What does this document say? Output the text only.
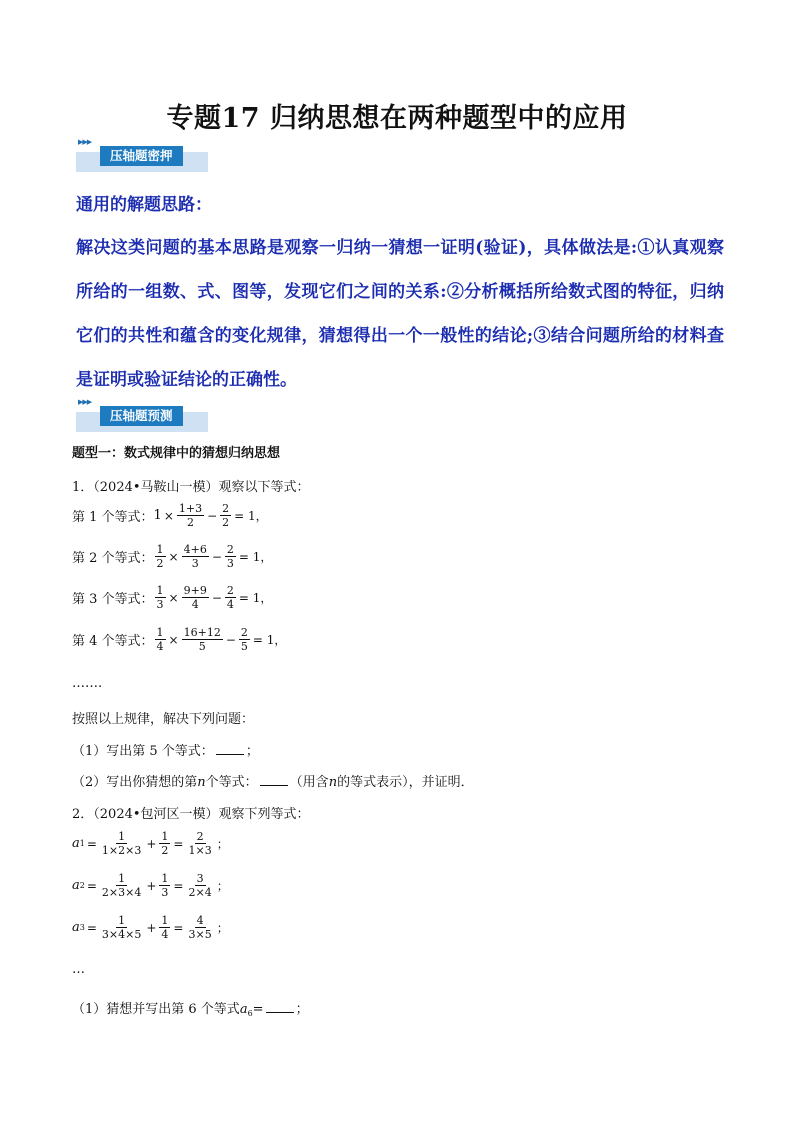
专题17 归纳思想在两种题型中的应用
▶▶▶
压轴题密押
通用的解题思路：
解决这类问题的基本思路是观察一归纳一猜想一证明(验证)，具体做法是:①认真观察所给的一组数、式、图等，发现它们之间的关系:②分析概括所给数式图的特征，归纳它们的共性和蕴含的变化规律，猜想得出一个一般性的结论;③结合问题所给的材料查是证明或验证结论的正确性。
▶▶▶
压轴题预测
题型一：数式规律中的猜想归纳思想
1．（2024•马鞍山一模）观察以下等式：
第 1 个等式： $1 \times \frac{1+3}{2} - \frac{2}{2} = 1$，
第 2 个等式： $\frac{1}{2} \times \frac{4+6}{3} - \frac{2}{3} = 1$，
第 3 个等式： $\frac{1}{3} \times \frac{9+9}{4} - \frac{2}{4} = 1$，
第 4 个等式： $\frac{1}{4} \times \frac{16+12}{5} - \frac{2}{5} = 1$，
…….
按照以上规律，解决下列问题：
（1）写出第 5 个等式： ；
（2）写出你猜想的第n个等式： （用含n的等式表示），并证明．
2．（2024•包河区一模）观察下列等式：
a $1 = \frac{1}{1\times 2\times 3} + \frac{1}{2} = \frac{2}{1\times 3}$ ；
a $2 = \frac{1}{2\times 3\times 4} + \frac{1}{3} = \frac{3}{2\times 4}$ ；
a $3 = \frac{1}{3\times 4\times 5} + \frac{1}{4} = \frac{4}{3\times 5}$ ；
…
（1）猜想并写出第 6 个等式$a_6=$ ；
